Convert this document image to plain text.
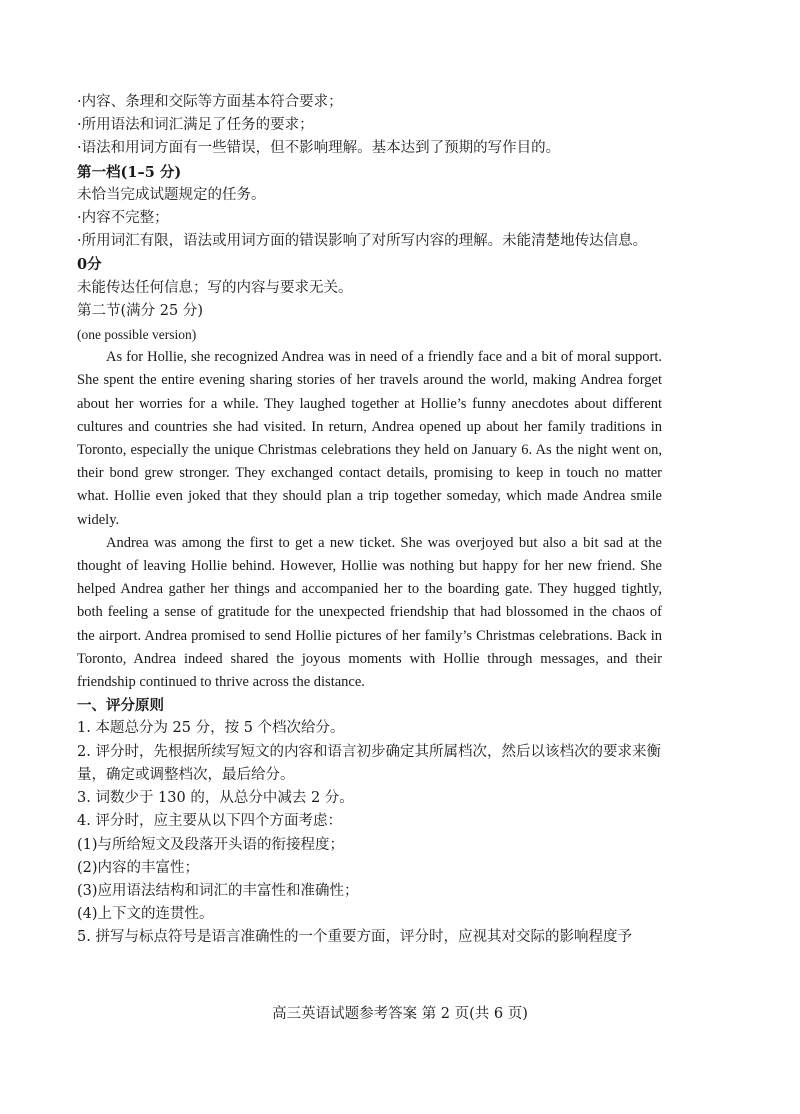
·内容、条理和交际等方面基本符合要求；

·所用语法和词汇满足了任务的要求；

·语法和用词方面有一些错误，但不影响理解。基本达到了预期的写作目的。

第一档(1–5 分)

未恰当完成试题规定的任务。

·内容不完整；

·所用词汇有限，语法或用词方面的错误影响了对所写内容的理解。未能清楚地传达信息。

0分

未能传达任何信息；写的内容与要求无关。

第二节(满分 25 分)

(one possible version)

As for Hollie, she recognized Andrea was in need of a friendly face and a bit of moral support. She spent the entire evening sharing stories of her travels around the world, making Andrea forget about her worries for a while. They laughed together at Hollie’s funny anecdotes about different cultures and countries she had visited. In return, Andrea opened up about her family traditions in Toronto, especially the unique Christmas celebrations they held on January 6. As the night went on, their bond grew stronger. They exchanged contact details, promising to keep in touch no matter what. Hollie even joked that they should plan a trip together someday, which made Andrea smile widely.

Andrea was among the first to get a new ticket. She was overjoyed but also a bit sad at the thought of leaving Hollie behind. However, Hollie was nothing but happy for her new friend. She helped Andrea gather her things and accompanied her to the boarding gate. They hugged tightly, both feeling a sense of gratitude for the unexpected friendship that had blossomed in the chaos of the airport. Andrea promised to send Hollie pictures of her family’s Christmas celebrations. Back in Toronto, Andrea indeed shared the joyous moments with Hollie through messages, and their friendship continued to thrive across the distance.

一、评分原则

1. 本题总分为 25 分，按 5 个档次给分。

2. 评分时，先根据所续写短文的内容和语言初步确定其所属档次，然后以该档次的要求来衡量，确定或调整档次，最后给分。

3. 词数少于 130 的，从总分中减去 2 分。

4. 评分时，应主要从以下四个方面考虑：

(1)与所给短文及段落开头语的衔接程度；

(2)内容的丰富性；

(3)应用语法结构和词汇的丰富性和准确性；

(4)上下文的连贯性。

5. 拼写与标点符号是语言准确性的一个重要方面，评分时，应视其对交际的影响程度予

高三英语试题参考答案 第 2 页(共 6 页)
